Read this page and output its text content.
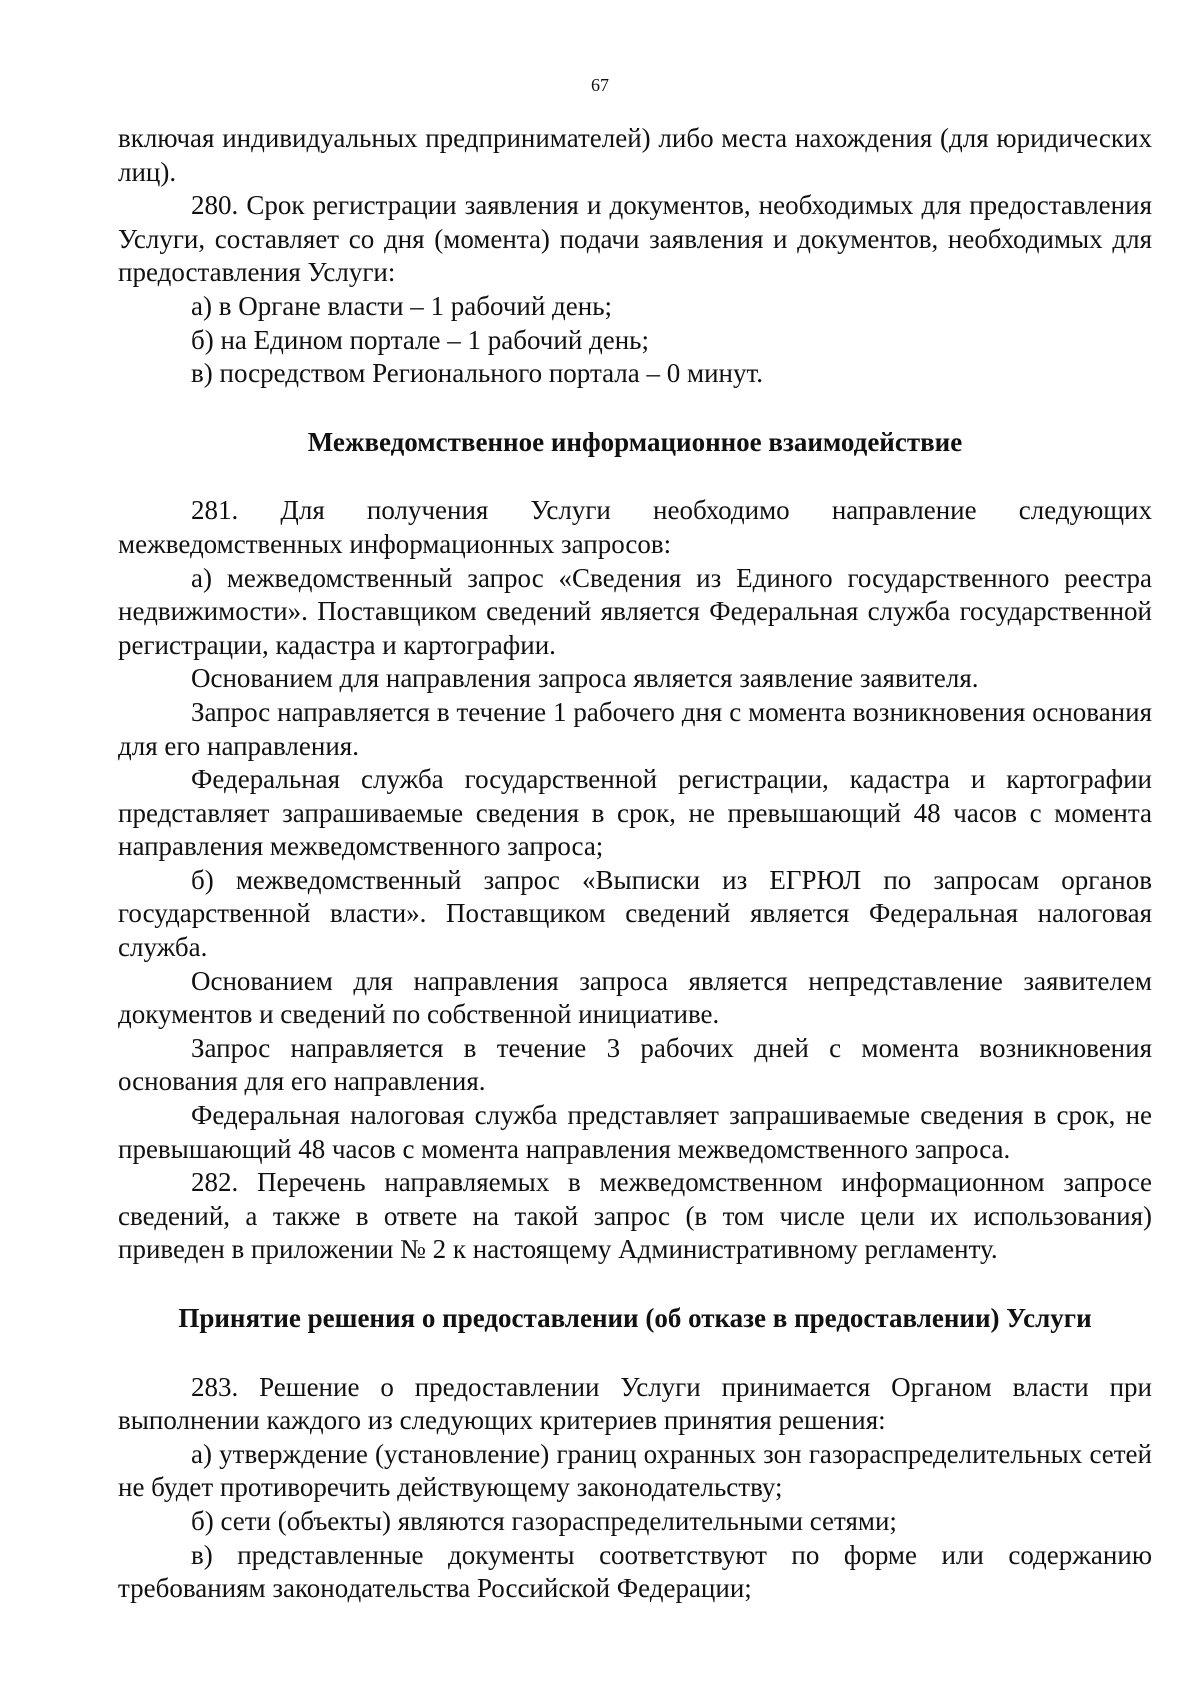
67

включая индивидуальных предпринимателей) либо места нахождения (для юридических лиц).

280. Срок регистрации заявления и документов, необходимых для предоставления Услуги, составляет со дня (момента) подачи заявления и документов, необходимых для предоставления Услуги:

а) в Органе власти – 1 рабочий день;

б) на Едином портале – 1 рабочий день;

в) посредством Регионального портала – 0 минут.

Межведомственное информационное взаимодействие

281. Для получения Услуги необходимо направление следующих межведомственных информационных запросов:

а) межведомственный запрос «Сведения из Единого государственного реестра недвижимости». Поставщиком сведений является Федеральная служба государственной регистрации, кадастра и картографии.

Основанием для направления запроса является заявление заявителя.

Запрос направляется в течение 1 рабочего дня с момента возникновения основания для его направления.

Федеральная служба государственной регистрации, кадастра и картографии представляет запрашиваемые сведения в срок, не превышающий 48 часов с момента направления межведомственного запроса;

б) межведомственный запрос «Выписки из ЕГРЮЛ по запросам органов государственной власти». Поставщиком сведений является Федеральная налоговая служба.

Основанием для направления запроса является непредставление заявителем документов и сведений по собственной инициативе.

Запрос направляется в течение 3 рабочих дней с момента возникновения основания для его направления.

Федеральная налоговая служба представляет запрашиваемые сведения в срок, не превышающий 48 часов с момента направления межведомственного запроса.

282. Перечень направляемых в межведомственном информационном запросе сведений, а также в ответе на такой запрос (в том числе цели их использования) приведен в приложении № 2 к настоящему Административному регламенту.

Принятие решения о предоставлении (об отказе в предоставлении) Услуги

283. Решение о предоставлении Услуги принимается Органом власти при выполнении каждого из следующих критериев принятия решения:

а) утверждение (установление) границ охранных зон газораспределительных сетей не будет противоречить действующему законодательству;

б) сети (объекты) являются газораспределительными сетями;

в) представленные документы соответствуют по форме или содержанию требованиям законодательства Российской Федерации;
